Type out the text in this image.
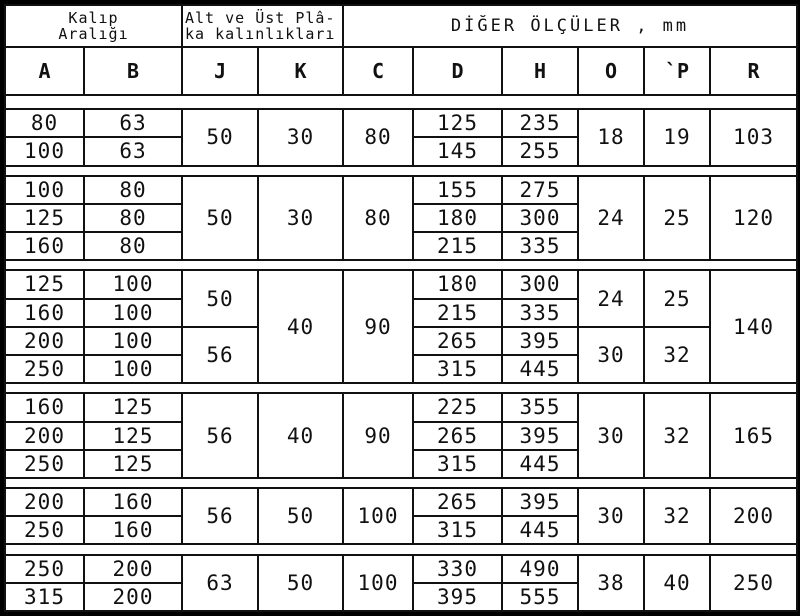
Kalıp
Aralığı		Alt ve Üst Plâ-
ka kalınlıkları		DİĞER ÖLÇÜLER , mm					
A	B	J	K	C	D	H	O	`P	R

80	63	50	30	80	125	235	18	19	103
100	63				145	255			

100	80	50	30	80	155	275	24	25	120
125	80				180	300			
160	80				215	335			

125	100	50	40	90	180	300	24	25	140
160	100				215	335			
200	100	56			265	395	30	32	
250	100				315	445			

160	125	56	40	90	225	355	30	32	165
200	125				265	395			
250	125				315	445			

200	160	56	50	100	265	395	30	32	200
250	160				315	445			

250	200	63	50	100	330	490	38	40	250
315	200				395	555			
